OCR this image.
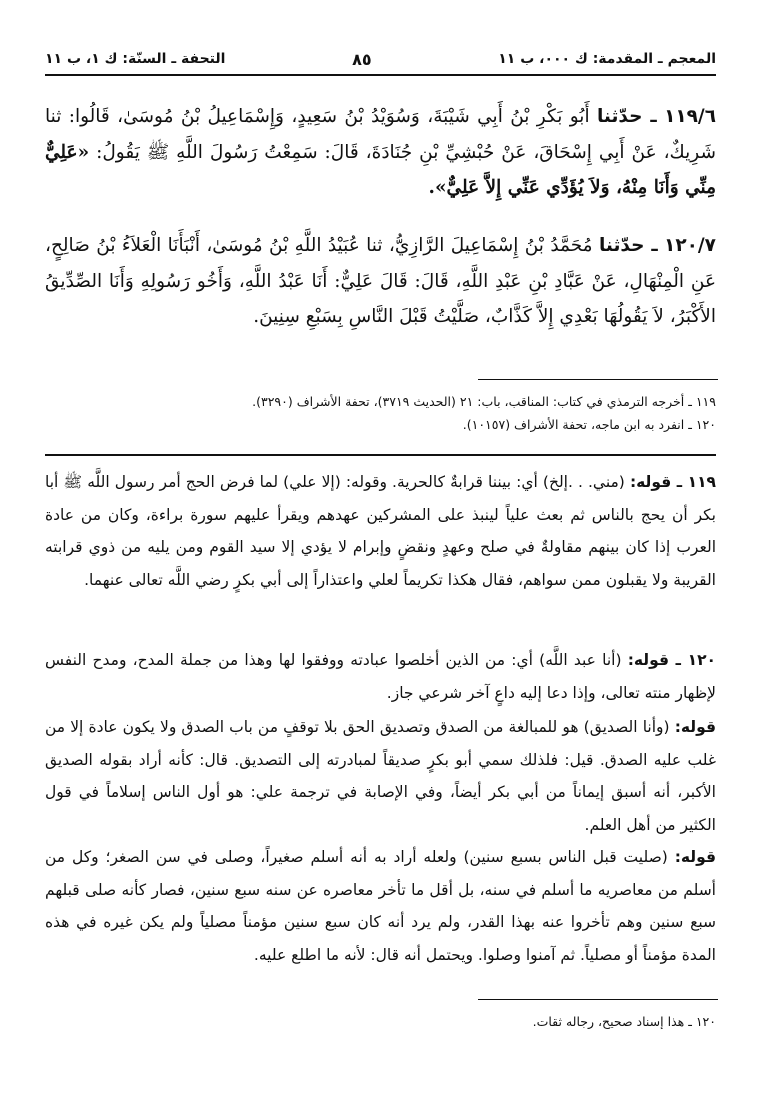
المعجم ـ المقدمة: ك ٠٠٠، ب ١١
٨٥
التحفة ـ السنّة: ك ١، ب ١١
١١٩/٦ ـ حدّثنا أَبُو بَكْرِ بْنُ أَبِي شَيْبَةَ، وَسُوَيْدُ بْنُ سَعِيدٍ، وَإِسْمَاعِيلُ بْنُ مُوسَىٰ، قَالُوا: ثنا شَرِيكٌ، عَنْ أَبِي إِسْحَاقَ، عَنْ حُبْشِيِّ بْنِ جُنَادَةَ، قَالَ: سَمِعْتُ رَسُولَ اللَّهِ ﷺ يَقُولُ: «عَلِيٌّ مِنِّي وَأَنَا مِنْهُ، وَلاَ يُؤَدِّي عَنِّي إِلاَّ عَلِيٌّ».
١٢٠/٧ ـ حدّثنا مُحَمَّدُ بْنُ إِسْمَاعِيلَ الرَّازِيُّ، ثنا عُبَيْدُ اللَّهِ بْنُ مُوسَىٰ، أَنْبَأَنَا الْعَلاَءُ بْنُ صَالِحٍ، عَنِ الْمِنْهَالِ، عَنْ عَبَّادِ بْنِ عَبْدِ اللَّهِ، قَالَ: قَالَ عَلِيٌّ: أَنَا عَبْدُ اللَّهِ، وَأَخُو رَسُولِهِ وَأَنَا الصِّدِّيقُ الأَكْبَرُ، لاَ يَقُولُهَا بَعْدِي إِلاَّ كَذَّابٌ، صَلَّيْتُ قَبْلَ النَّاسِ بِسَبْعِ سِنِينَ.
١١٩ ـ أخرجه الترمذي في كتاب: المناقب، باب: ٢١ (الحديث ٣٧١٩)، تحفة الأشراف (٣٢٩٠).
١٢٠ ـ انفرد به ابن ماجه، تحفة الأشراف (١٠١٥٧).
١١٩ ـ قوله: (مني. . .إلخ) أي: بيننا قرابةٌ كالحرية. وقوله: (إلا علي) لما فرض الحج أمر رسول اللَّه ﷺ أبا بكر أن يحج بالناس ثم بعث علياً لينبذ على المشركين عهدهم ويقرأ عليهم سورة براءة، وكان من عادة العرب إذا كان بينهم مقاولةٌ في صلح وعهدٍ ونقضٍ وإبرام لا يؤدي إلا سيد القوم ومن يليه من ذوي قرابته القريبة ولا يقبلون ممن سواهم، فقال هكذا تكريماً لعلي واعتذاراً إلى أبي بكرٍ رضي اللَّه تعالى عنهما.
١٢٠ ـ قوله: (أنا عبد اللَّه) أي: من الذين أخلصوا عبادته ووفقوا لها وهذا من جملة المدح، ومدح النفس لإظهار منته تعالى، وإذا دعا إليه داعٍ آخر شرعي جاز.
قوله: (وأنا الصديق) هو للمبالغة من الصدق وتصديق الحق بلا توقفٍ من باب الصدق ولا يكون عادة إلا من غلب عليه الصدق. قيل: فلذلك سمي أبو بكرٍ صديقاً لمبادرته إلى التصديق. قال: كأنه أراد بقوله الصديق الأكبر، أنه أسبق إيماناً من أبي بكر أيضاً، وفي الإصابة في ترجمة علي: هو أول الناس إسلاماً في قول الكثير من أهل العلم.
قوله: (صليت قبل الناس بسبع سنين) ولعله أراد به أنه أسلم صغيراً، وصلى في سن الصغر؛ وكل من أسلم من معاصريه ما أسلم في سنه، بل أقل ما تأخر معاصره عن سنه سبع سنين، فصار كأنه صلى قبلهم سبع سنين وهم تأخروا عنه بهذا القدر، ولم يرد أنه كان سبع سنين مؤمناً مصلياً ولم يكن غيره في هذه المدة مؤمناً أو مصلياً. ثم آمنوا وصلوا. ويحتمل أنه قال: لأنه ما اطلع عليه.
١٢٠ ـ هذا إسناد صحيح، رجاله ثقات.
